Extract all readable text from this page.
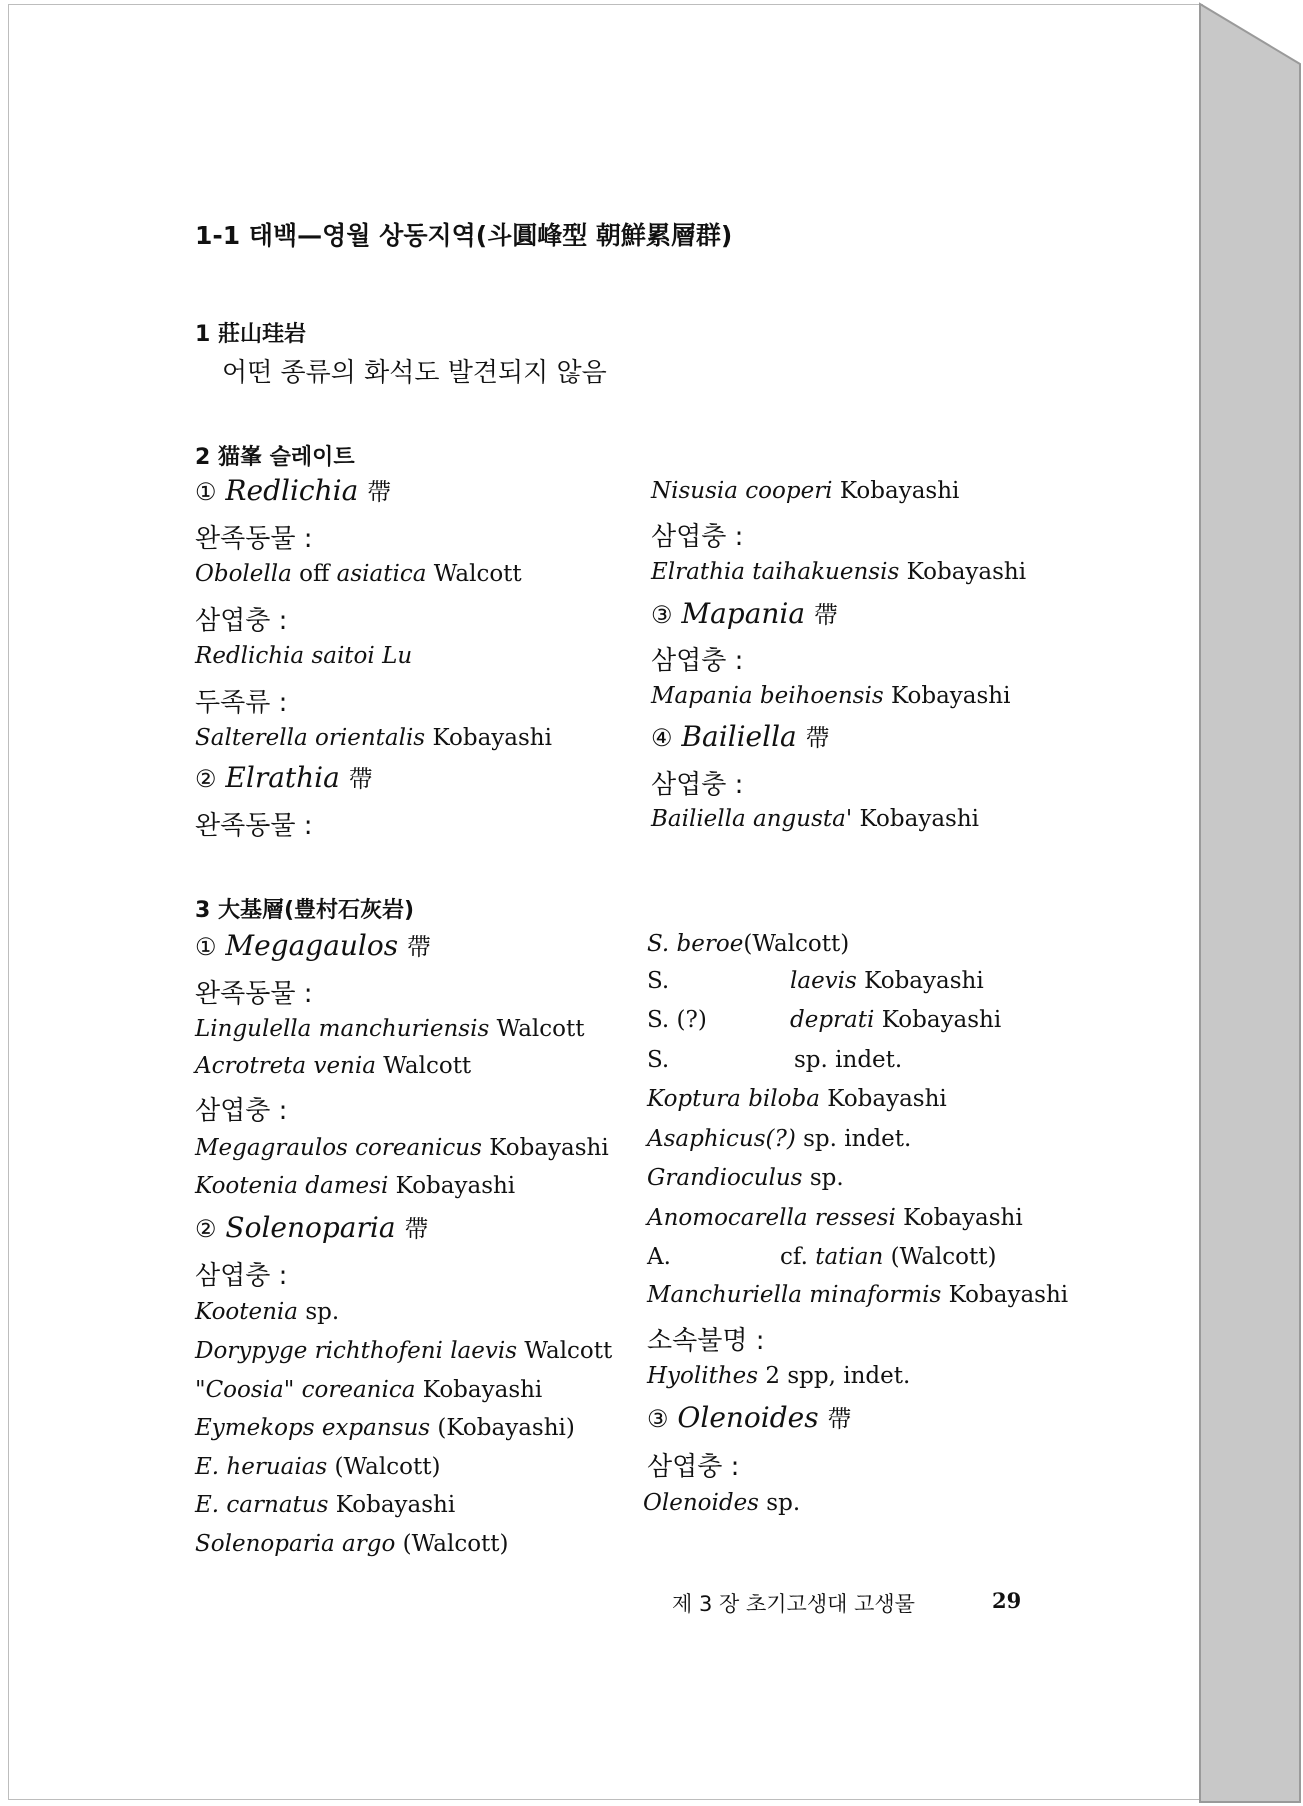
1-1 태백—영월 상동지역(斗圓峰型 朝鮮累層群)
1 莊山珪岩
어떤 종류의 화석도 발견되지 않음
2 猫峯 슬레이트
① Redlichia 帶
완족동물 :
Obolella off asiatica Walcott
삼엽충 :
Redlichia saitoi Lu
두족류 :
Salterella orientalis Kobayashi
② Elrathia 帶
완족동물 :
Nisusia cooperi Kobayashi
삼엽충 :
Elrathia taihakuensis Kobayashi
③ Mapania 帶
삼엽충 :
Mapania beihoensis Kobayashi
④ Bailiella 帶
삼엽충 :
Bailiella angusta' Kobayashi
3 大基層(豊村石灰岩)
① Megagaulos 帶
완족동물 :
Lingulella manchuriensis Walcott
Acrotreta venia Walcott
삼엽충 :
Megagraulos coreanicus Kobayashi
Kootenia damesi Kobayashi
② Solenoparia 帶
삼엽충 :
Kootenia sp.
Dorypyge richthofeni laevis Walcott
"Coosia" coreanica Kobayashi
Eymekops expansus (Kobayashi)
E. heruaias (Walcott)
E. carnatus Kobayashi
Solenoparia argo (Walcott)
S. beroe(Walcott)
S.	laevis Kobayashi
S. (?)	deprati Kobayashi
S.	sp. indet.
Koptura biloba Kobayashi
Asaphicus(?) sp. indet.
Grandioculus sp.
Anomocarella ressesi Kobayashi
A.	cf. tatian (Walcott)
Manchuriella minaformis Kobayashi
소속불명 :
Hyolithes 2 spp, indet.
③ Olenoides 帶
삼엽충 :
Olenoides sp.
제 3 장 초기고생대 고생물	29
